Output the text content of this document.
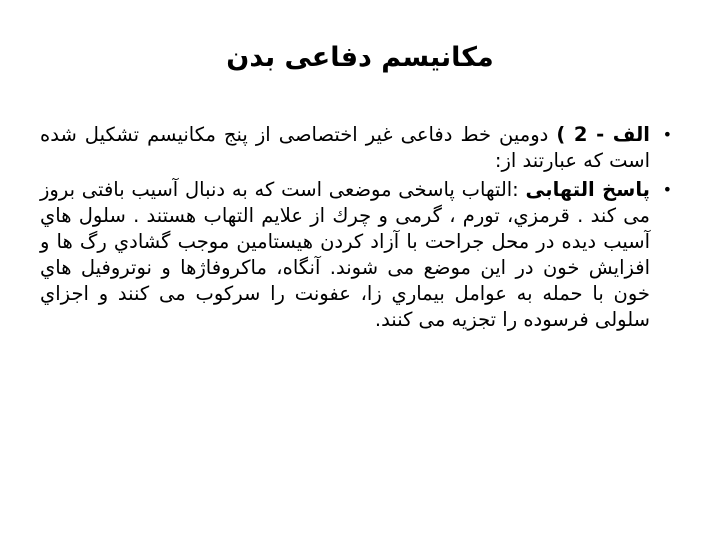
مکانیسم دفاعی بدن
•
الف - 2 ) دومین خط دفاعی غیر اختصاصی از پنج مکانیسم تشکیل شده است که عبارتند از:
•
پاسخ التهابی :التهاب پاسخی موضعی است که به دنبال آسیب بافتی بروز می کند . قرمزي، تورم ، گرمی و چرك از علایم التهاب هستند . سلول هاي آسیب دیده در محل جراحت با آزاد کردن هیستامین موجب گشادي رگ ها و افزایش خون در این موضع می شوند. آنگاه، ماکروفاژها و نوتروفیل هاي خون با حمله به عوامل بیماري زا، عفونت را سرکوب می کنند و اجزاي سلولی فرسوده را تجزیه می کنند.
